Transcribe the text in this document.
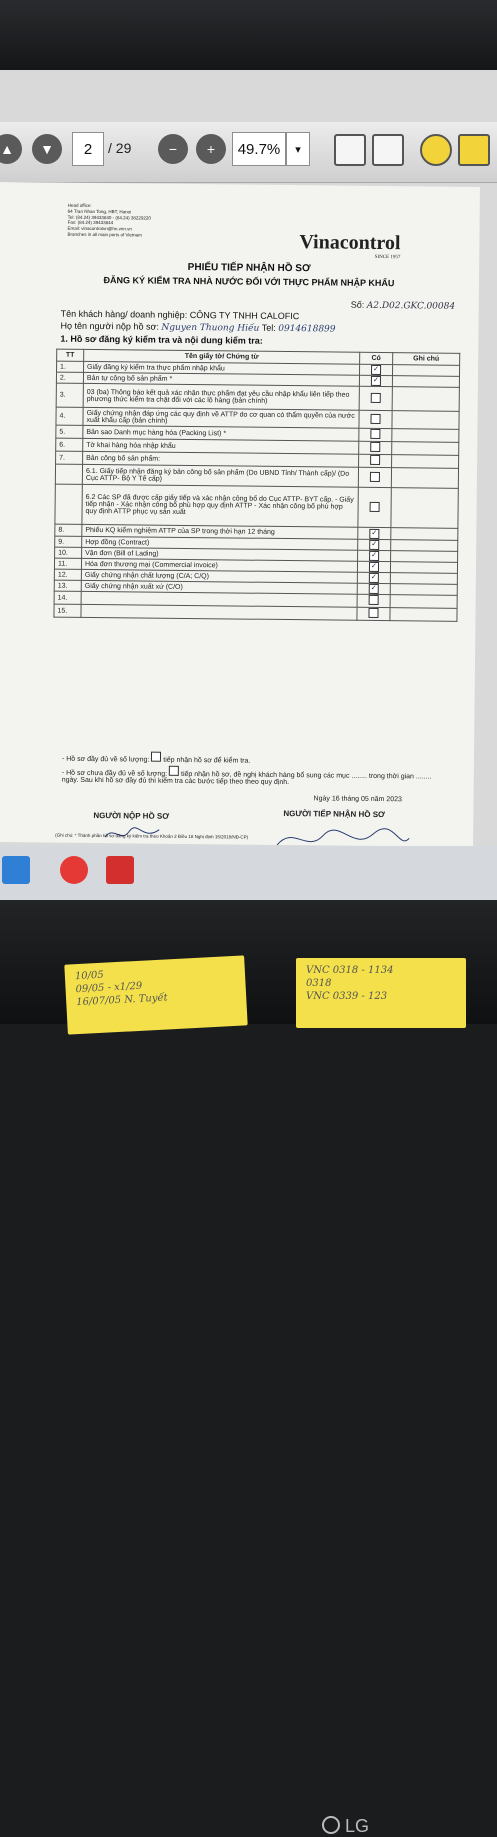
▲ ▼ 2 / 29	− + 49.7% ▾
Head office:
64 Tran Nhan Tong, HBT, Hanoi
Tel: (84.24) 39433840 - (84.24) 38229220
Fax: (84.24) 39433844
Email: vinacontrolvn@hn.vnn.vn
Branches in all main ports of Vietnam	Vinacontrol
SINCE 1957
PHIẾU TIẾP NHẬN HỒ SƠ
ĐĂNG KÝ KIỂM TRA NHÀ NƯỚC ĐỐI VỚI THỰC PHẨM NHẬP KHẨU
Số: A2.D02.GKC.00084
Tên khách hàng/ doanh nghiệp: CÔNG TY TNHH CALOFIC
Họ tên người nộp hồ sơ: Nguyen Thuong Hiếu Tel: 0914618899
1. Hồ sơ đăng ký kiểm tra và nội dung kiểm tra:
TT	Tên giấy tờ/ Chứng từ	Có	Ghi chú
1.	Giấy đăng ký kiểm tra thực phẩm nhập khẩu	✓	
2.	Bản tự công bố sản phẩm *	✓	
3.	03 (ba) Thông báo kết quả xác nhận thực phẩm đạt yêu cầu nhập khẩu liên tiếp theo phương thức kiểm tra chặt đối với các lô hàng (bản chính)		
4.	Giấy chứng nhận đáp ứng các quy định về ATTP do cơ quan có thẩm quyền của nước xuất khẩu cấp (bản chính)		
5.	Bản sao Danh mục hàng hóa (Packing List) *		
6.	Tờ khai hàng hóa nhập khẩu		
7.	Bản công bố sản phẩm:		
	6.1. Giấy tiếp nhận đăng ký bản công bố sản phẩm (Do UBND Tỉnh/ Thành cấp)/ (Do Cục ATTP- Bộ Y Tế cấp)		
	6.2 Các SP đã được cấp giấy tiếp và xác nhận công bố do Cục ATTP- BYT cấp. - Giấy tiếp nhận - Xác nhận công bố phù hợp quy định ATTP - Xác nhận công bố phù hợp quy định ATTP phục vụ sản xuất		
8.	Phiếu KQ kiểm nghiệm ATTP của SP trong thời hạn 12 tháng	✓	
9.	Hợp đồng (Contract)	✓	
10.	Vận đơn (Bill of Lading)	✓	
11.	Hóa đơn thương mại (Commercial invoice)	✓	
12.	Giấy chứng nhận chất lượng (C/A; C/Q)	✓	
13.	Giấy chứng nhận xuất xứ (C/O)	✓	
14.			
15.			
- Hồ sơ đầy đủ về số lượng: tiếp nhận hồ sơ để kiểm tra.
- Hồ sơ chưa đầy đủ về số lượng: tiếp nhận hồ sơ, đề nghị khách hàng bổ sung các mục ........ trong thời gian ........ ngày. Sau khi hồ sơ đầy đủ thì kiểm tra các bước tiếp theo theo quy định.
Ngày 16 tháng 05 năm 2023
NGƯỜI NỘP HỒ SƠ	NGƯỜI TIẾP NHẬN HỒ SƠ
(Ghi chú: * Thành phần hồ sơ đăng ký kiểm tra theo Khoản 2 Điều 18 Nghị định 15/2018/NĐ-CP)
LG
10/05
09/05 - x1/29
16/07/05 N. Tuyết
VNC 0318 - 1134
0318
VNC 0339 - 123
